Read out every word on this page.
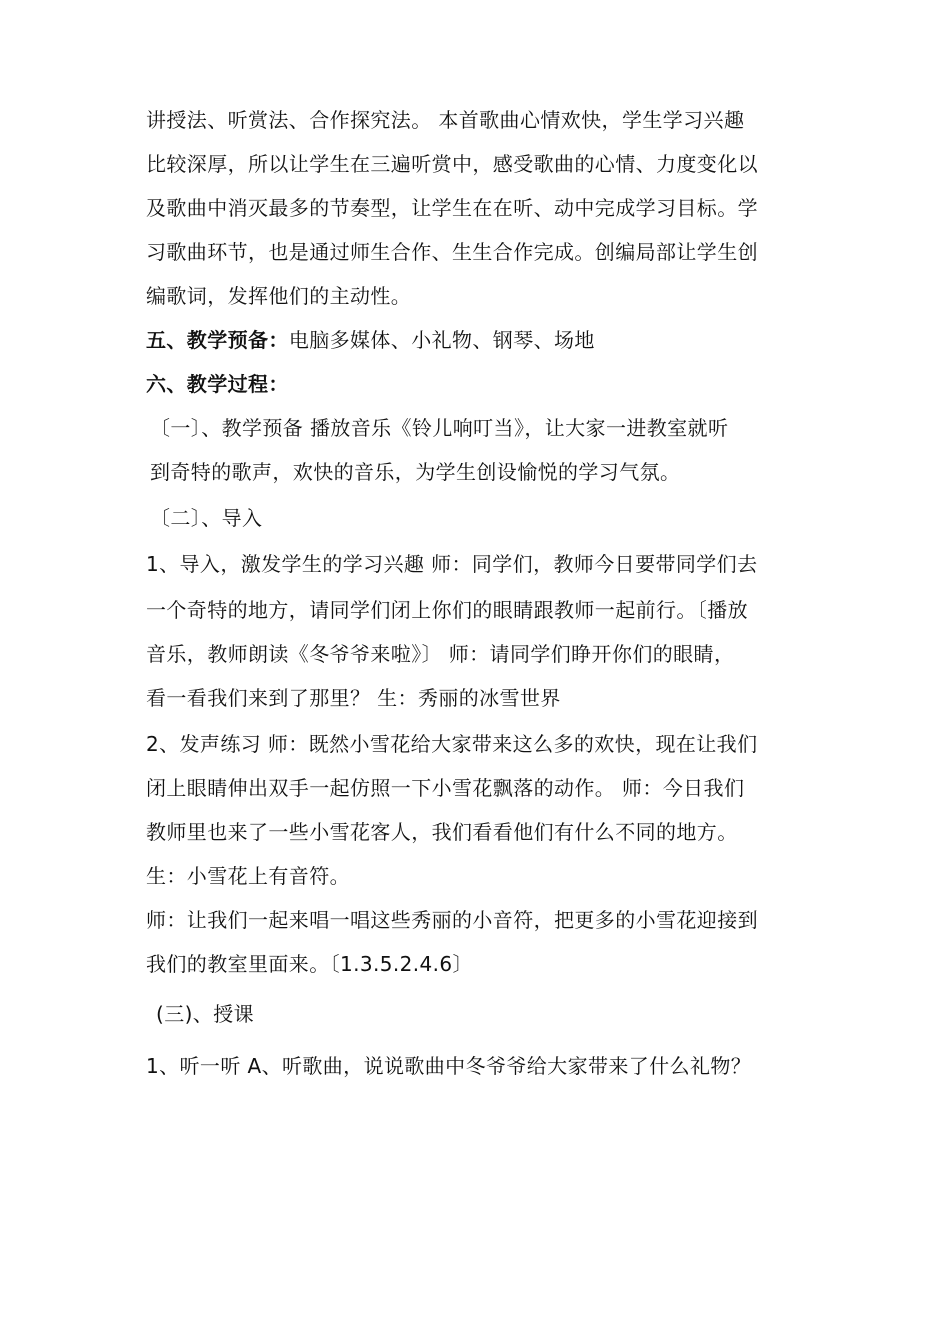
讲授法、听赏法、合作探究法。 本首歌曲心情欢快，学生学习兴趣
比较深厚，所以让学生在三遍听赏中，感受歌曲的心情、力度变化以
及歌曲中消灭最多的节奏型，让学生在在听、动中完成学习目标。学
习歌曲环节，也是通过师生合作、生生合作完成。创编局部让学生创
编歌词，发挥他们的主动性。
五、教学预备：电脑多媒体、小礼物、钢琴、场地
六、教学过程：
〔一〕、教学预备 播放音乐《铃儿响叮当》，让大家一进教室就听
到奇特的歌声，欢快的音乐，为学生创设愉悦的学习气氛。
〔二〕、导入
1、导入，激发学生的学习兴趣 师：同学们，教师今日要带同学们去
一个奇特的地方，请同学们闭上你们的眼睛跟教师一起前行。〔播放
音乐，教师朗读《冬爷爷来啦》〕 师：请同学们睁开你们的眼睛，
看一看我们来到了那里？ 生：秀丽的冰雪世界
2、发声练习 师：既然小雪花给大家带来这么多的欢快，现在让我们
闭上眼睛伸出双手一起仿照一下小雪花飘落的动作。 师：今日我们
教师里也来了一些小雪花客人，我们看看他们有什么不同的地方。
生：小雪花上有音符。
师：让我们一起来唱一唱这些秀丽的小音符，把更多的小雪花迎接到
我们的教室里面来。〔1.3.5.2.4.6〕
(三)、授课
1、听一听 A、听歌曲，说说歌曲中冬爷爷给大家带来了什么礼物？
